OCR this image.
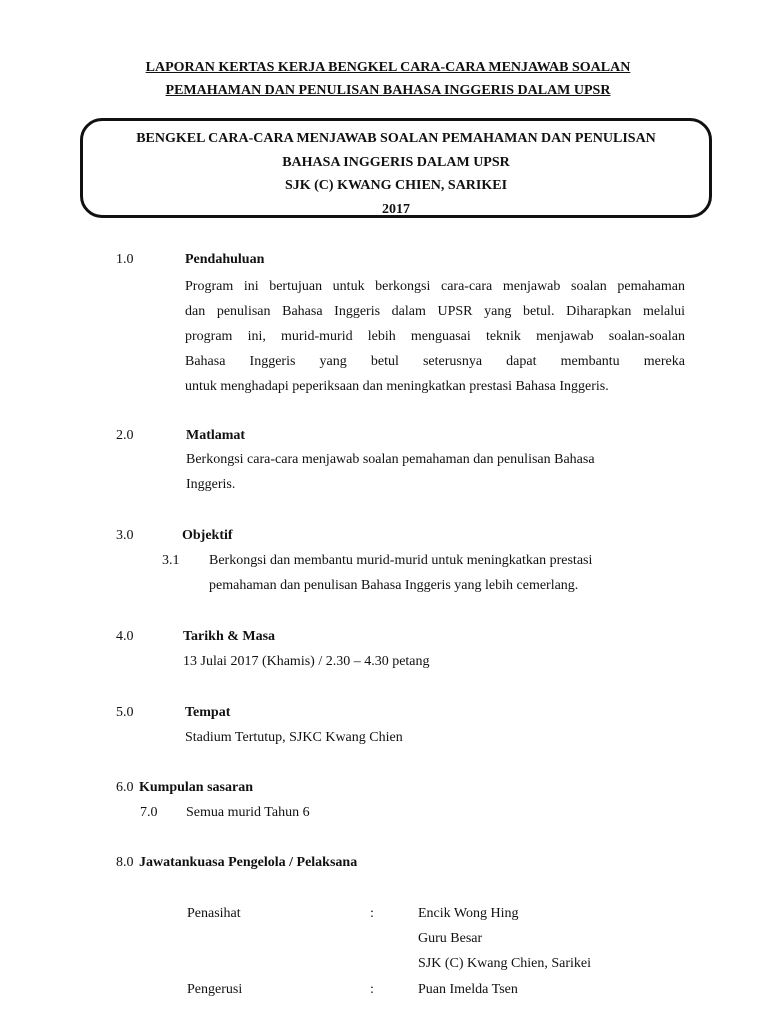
LAPORAN KERTAS KERJA BENGKEL CARA-CARA MENJAWAB SOALAN
PEMAHAMAN DAN PENULISAN BAHASA INGGERIS DALAM UPSR
BENGKEL CARA-CARA MENJAWAB SOALAN PEMAHAMAN DAN PENULISAN
BAHASA INGGERIS DALAM UPSR
SJK (C) KWANG CHIEN, SARIKEI
2017
1.0	Pendahuluan
Program ini bertujuan untuk berkongsi cara-cara menjawab soalan pemahaman
dan penulisan Bahasa Inggeris dalam UPSR yang betul. Diharapkan melalui
program ini, murid-murid lebih menguasai teknik menjawab soalan-soalan
Bahasa Inggeris yang betul seterusnya dapat membantu mereka
untuk menghadapi peperiksaan dan meningkatkan prestasi Bahasa Inggeris.
2.0	Matlamat
Berkongsi cara-cara menjawab soalan pemahaman dan penulisan Bahasa
Inggeris.
3.0	Objektif
3.1 Berkongsi dan membantu murid-murid untuk meningkatkan prestasi
pemahaman dan penulisan Bahasa Inggeris yang lebih cemerlang.
4.0	Tarikh & Masa
13 Julai 2017 (Khamis) / 2.30 – 4.30 petang
5.0	Tempat
Stadium Tertutup, SJKC Kwang Chien
6.0 Kumpulan sasaran
7.0 Semua murid Tahun 6
8.0 Jawatankuasa Pengelola / Pelaksana
Penasihat	:	Encik Wong Hing
Guru Besar
SJK (C) Kwang Chien, Sarikei
Pengerusi	:	Puan Imelda Tsen
